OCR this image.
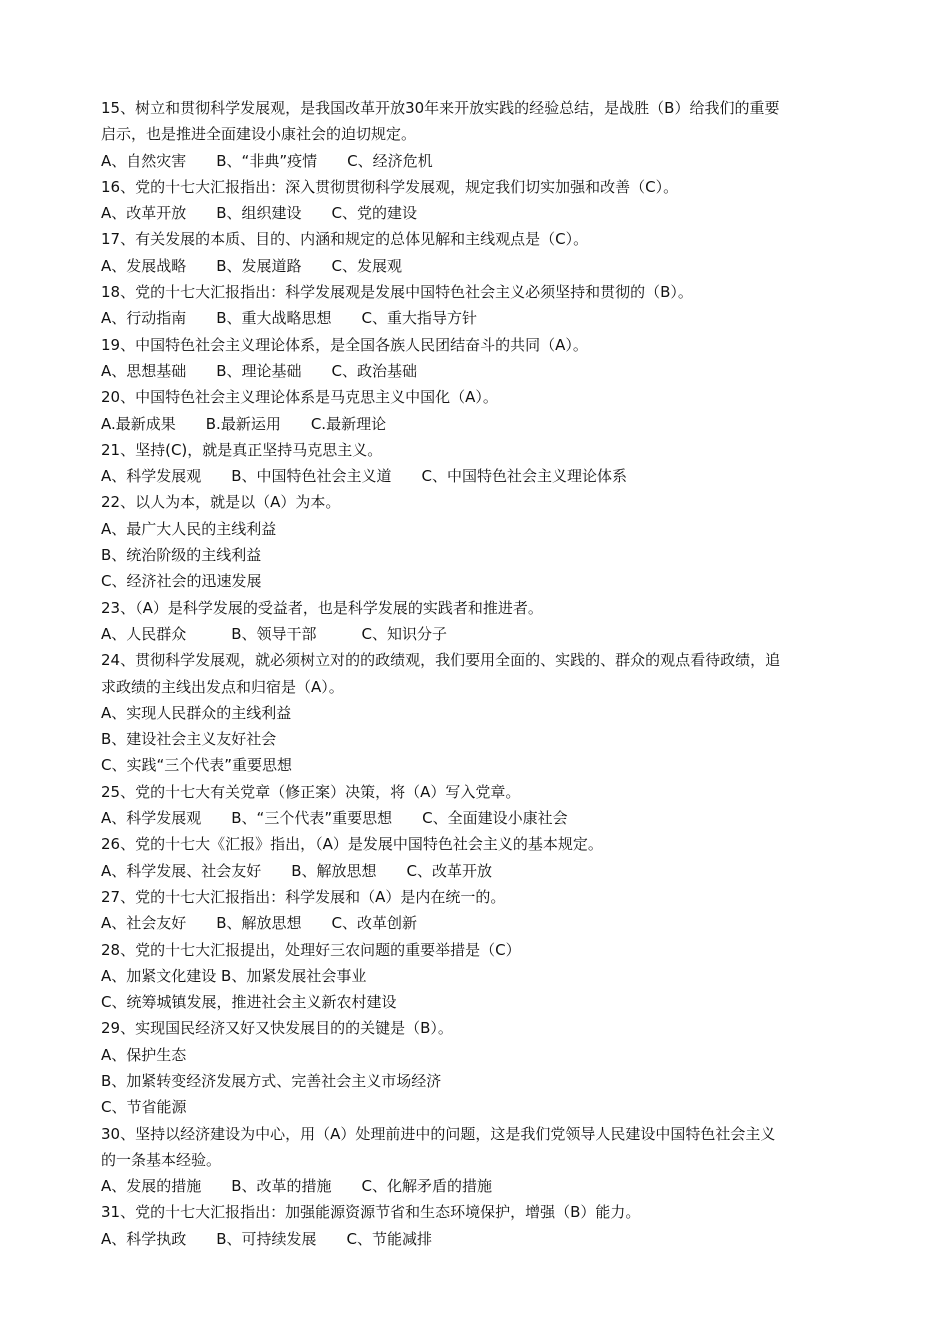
15、树立和贯彻科学发展观，是我国改革开放30年来开放实践的经验总结，是战胜（B）给我们的重要
启示，也是推进全面建设小康社会的迫切规定。
A、自然灾害　　B、“非典”疫情　　C、经济危机
16、党的十七大汇报指出：深入贯彻贯彻科学发展观，规定我们切实加强和改善（C）。
A、改革开放　　B、组织建设　　C、党的建设
17、有关发展的本质、目的、内涵和规定的总体见解和主线观点是（C）。
A、发展战略　　B、发展道路　　C、发展观
18、党的十七大汇报指出：科学发展观是发展中国特色社会主义必须坚持和贯彻的（B）。
A、行动指南　　B、重大战略思想　　C、重大指导方针
19、中国特色社会主义理论体系，是全国各族人民团结奋斗的共同（A）。
A、思想基础　　B、理论基础　　C、政治基础
20、中国特色社会主义理论体系是马克思主义中国化（A）。
A.最新成果　　B.最新运用　　C.最新理论
21、坚持(C)，就是真正坚持马克思主义。
A、科学发展观　　B、中国特色社会主义道　　C、中国特色社会主义理论体系
22、以人为本，就是以（A）为本。
A、最广大人民的主线利益
B、统治阶级的主线利益
C、经济社会的迅速发展
23、（A）是科学发展的受益者，也是科学发展的实践者和推进者。
A、人民群众　　　B、领导干部　　　C、知识分子
24、贯彻科学发展观，就必须树立对的的政绩观，我们要用全面的、实践的、群众的观点看待政绩，追
求政绩的主线出发点和归宿是（A）。
A、实现人民群众的主线利益
B、建设社会主义友好社会
C、实践“三个代表”重要思想
25、党的十七大有关党章（修正案）决策，将（A）写入党章。
A、科学发展观　　B、“三个代表”重要思想　　C、全面建设小康社会
26、党的十七大《汇报》指出，（A）是发展中国特色社会主义的基本规定。
A、科学发展、社会友好　　B、解放思想　　C、改革开放
27、党的十七大汇报指出：科学发展和（A）是内在统一的。
A、社会友好　　B、解放思想　　C、改革创新
28、党的十七大汇报提出，处理好三农问题的重要举措是（C）
A、加紧文化建设 B、加紧发展社会事业
C、统筹城镇发展，推进社会主义新农村建设
29、实现国民经济又好又快发展目的的关键是（B）。
A、保护生态
B、加紧转变经济发展方式、完善社会主义市场经济
C、节省能源
30、坚持以经济建设为中心，用（A）处理前进中的问题，这是我们党领导人民建设中国特色社会主义
的一条基本经验。
A、发展的措施　　B、改革的措施　　C、化解矛盾的措施
31、党的十七大汇报指出：加强能源资源节省和生态环境保护，增强（B）能力。
A、科学执政　　B、可持续发展　　C、节能减排
